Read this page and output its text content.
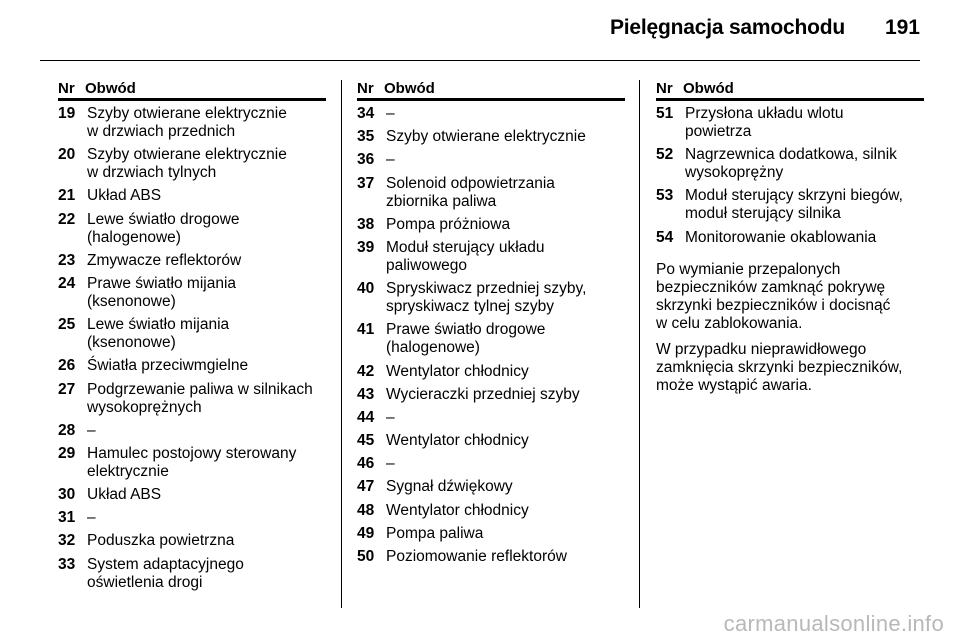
Pielęgnacja samochodu 191
Nr Obwód
19 Szyby otwierane elektrycznie
w drzwiach przednich
20 Szyby otwierane elektrycznie
w drzwiach tylnych
21 Układ ABS
22 Lewe światło drogowe
(halogenowe)
23 Zmywacze reflektorów
24 Prawe światło mijania
(ksenonowe)
25 Lewe światło mijania
(ksenonowe)
26 Światła przeciwmgielne
27 Podgrzewanie paliwa w silnikach
wysokoprężnych
28 –
29 Hamulec postojowy sterowany
elektrycznie
30 Układ ABS
31 –
32 Poduszka powietrzna
33 System adaptacyjnego
oświetlenia drogi
Nr Obwód
34 –
35 Szyby otwierane elektrycznie
36 –
37 Solenoid odpowietrzania
zbiornika paliwa
38 Pompa próżniowa
39 Moduł sterujący układu
paliwowego
40 Spryskiwacz przedniej szyby,
spryskiwacz tylnej szyby
41 Prawe światło drogowe
(halogenowe)
42 Wentylator chłodnicy
43 Wycieraczki przedniej szyby
44 –
45 Wentylator chłodnicy
46 –
47 Sygnał dźwiękowy
48 Wentylator chłodnicy
49 Pompa paliwa
50 Poziomowanie reflektorów
Nr Obwód
51 Przysłona układu wlotu
powietrza
52 Nagrzewnica dodatkowa, silnik
wysokoprężny
53 Moduł sterujący skrzyni biegów,
moduł sterujący silnika
54 Monitorowanie okablowania
Po wymianie przepalonych
bezpieczników zamknąć pokrywę
skrzynki bezpieczników i docisnąć
w celu zablokowania.
W przypadku nieprawidłowego
zamknięcia skrzynki bezpieczników,
może wystąpić awaria.
carmanualsonline.info
